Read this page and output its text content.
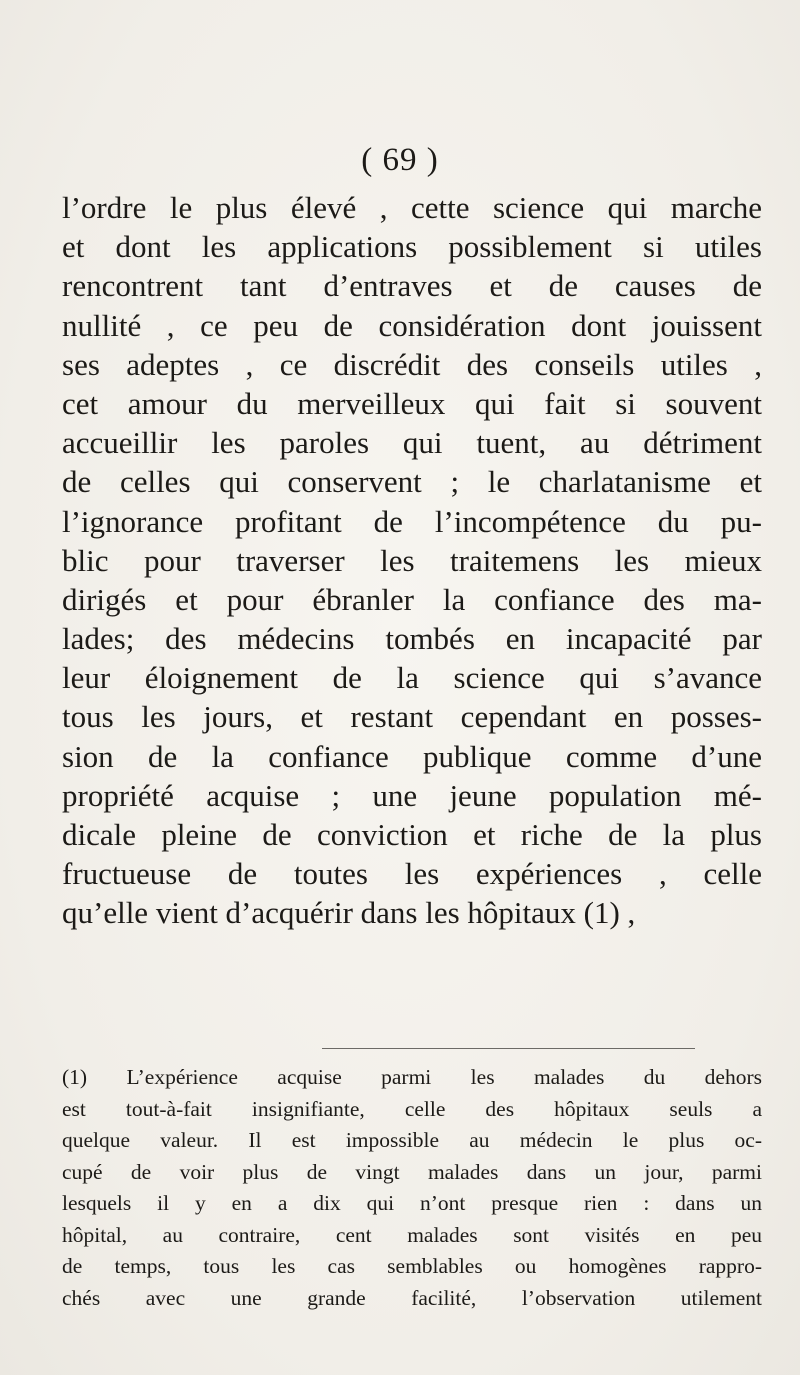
( 69 )
l’ordre le plus élevé , cette science qui marche
et dont les applications possiblement si utiles
rencontrent tant d’entraves et de causes de
nullité , ce peu de considération dont jouissent
ses adeptes , ce discrédit des conseils utiles ,
cet amour du merveilleux qui fait si souvent
accueillir les paroles qui tuent, au détriment
de celles qui conservent ; le charlatanisme et
l’ignorance profitant de l’incompétence du pu-
blic pour traverser les traitemens les mieux
dirigés et pour ébranler la confiance des ma-
lades; des médecins tombés en incapacité par
leur éloignement de la science qui s’avance
tous les jours, et restant cependant en posses-
sion de la confiance publique comme d’une
propriété acquise ; une jeune population mé-
dicale pleine de conviction et riche de la plus
fructueuse de toutes les expériences , celle
qu’elle vient d’acquérir dans les hôpitaux (1) ,
(1) L’expérience acquise parmi les malades du dehors
est tout-à-fait insignifiante, celle des hôpitaux seuls a
quelque valeur. Il est impossible au médecin le plus oc-
cupé de voir plus de vingt malades dans un jour, parmi
lesquels il y en a dix qui n’ont presque rien : dans un
hôpital, au contraire, cent malades sont visités en peu
de temps, tous les cas semblables ou homogènes rappro-
chés avec une grande facilité, l’observation utilement
